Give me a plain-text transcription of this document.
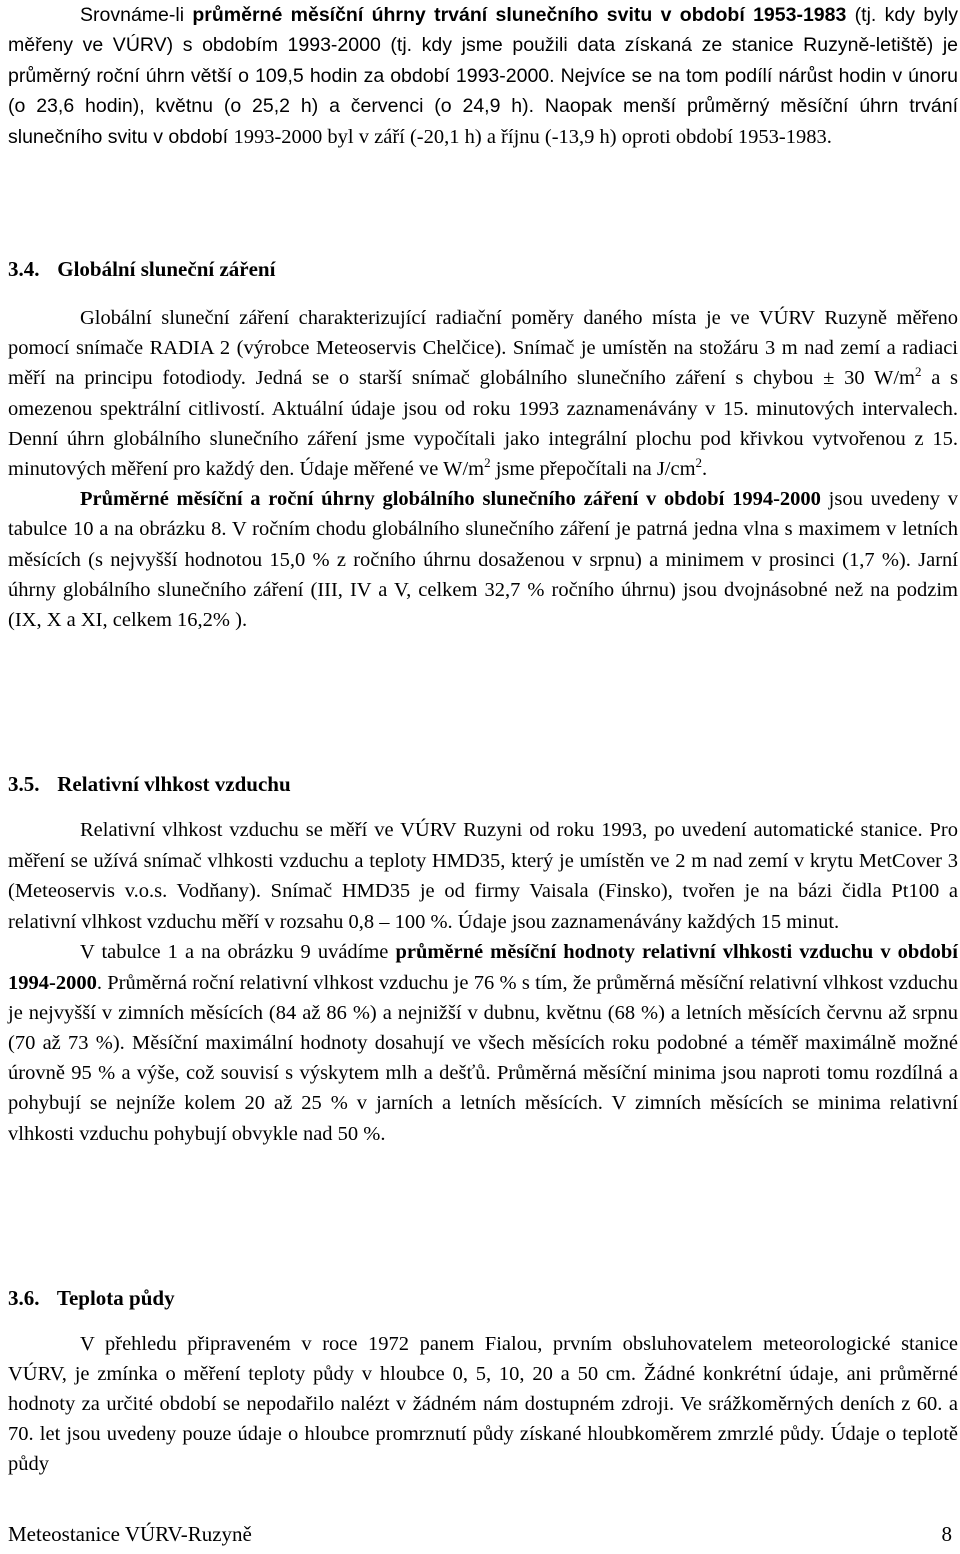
Srovnáme-li průměrné měsíční úhrny trvání slunečního svitu v období 1953-1983 (tj. kdy byly měřeny ve VÚRV) s obdobím 1993-2000 (tj. kdy jsme použili data získaná ze stanice Ruzyně-letiště) je průměrný roční úhrn větší o 109,5 hodin za období 1993-2000. Nejvíce se na tom podílí nárůst hodin v únoru (o 23,6 hodin), květnu (o 25,2 h) a červenci (o 24,9 h). Naopak menší průměrný měsíční úhrn trvání slunečního svitu v období 1993-2000 byl v září (-20,1 h) a říjnu (-13,9 h) oproti období 1953-1983.

3.4. Globální sluneční záření

Globální sluneční záření charakterizující radiační poměry daného místa je ve VÚRV Ruzyně měřeno pomocí snímače RADIA 2 (výrobce Meteoservis Chelčice). Snímač je umístěn na stožáru 3 m nad zemí a radiaci měří na principu fotodiody. Jedná se o starší snímač globálního slunečního záření s chybou ± 30 $W/m^2$ a s omezenou spektrální citlivostí. Aktuální údaje jsou od roku 1993 zaznamenávány v 15. minutových intervalech. Denní úhrn globálního slunečního záření jsme vypočítali jako integrální plochu pod křivkou vytvořenou z 15. minutových měření pro každý den. Údaje měřené ve $W/m^2$ jsme přepočítali na $J/cm^2$.

Průměrné měsíční a roční úhrny globálního slunečního záření v období 1994-2000 jsou uvedeny v tabulce 10 a na obrázku 8. V ročním chodu globálního slunečního záření je patrná jedna vlna s maximem v letních měsících (s nejvyšší hodnotou 15,0 % z ročního úhrnu dosaženou v srpnu) a minimem v prosinci (1,7 %). Jarní úhrny globálního slunečního záření (III, IV a V, celkem 32,7 % ročního úhrnu) jsou dvojnásobné než na podzim (IX, X a XI, celkem 16,2% ).

3.5. Relativní vlhkost vzduchu

Relativní vlhkost vzduchu se měří ve VÚRV Ruzyni od roku 1993, po uvedení automatické stanice. Pro měření se užívá snímač vlhkosti vzduchu a teploty HMD35, který je umístěn ve 2 m nad zemí v krytu MetCover 3 (Meteoservis v.o.s. Vodňany). Snímač HMD35 je od firmy Vaisala (Finsko), tvořen je na bázi čidla Pt100 a relativní vlhkost vzduchu měří v rozsahu 0,8 – 100 %. Údaje jsou zaznamenávány každých 15 minut.

V tabulce 1 a na obrázku 9 uvádíme průměrné měsíční hodnoty relativní vlhkosti vzduchu v období 1994-2000. Průměrná roční relativní vlhkost vzduchu je 76 % s tím, že průměrná měsíční relativní vlhkost vzduchu je nejvyšší v zimních měsících (84 až 86 %) a nejnižší v dubnu, květnu (68 %) a letních měsících červnu až srpnu (70 až 73 %). Měsíční maximální hodnoty dosahují ve všech měsících roku podobné a téměř maximálně možné úrovně 95 % a výše, což souvisí s výskytem mlh a dešťů. Průměrná měsíční minima jsou naproti tomu rozdílná a pohybují se nejníže kolem 20 až 25 % v jarních a letních měsících. V zimních měsících se minima relativní vlhkosti vzduchu pohybují obvykle nad 50 %.

3.6. Teplota půdy

V přehledu připraveném v roce 1972 panem Fialou, prvním obsluhovatelem meteorologické stanice VÚRV, je zmínka o měření teploty půdy v hloubce 0, 5, 10, 20 a 50 cm. Žádné konkrétní údaje, ani průměrné hodnoty za určité období se nepodařilo nalézt v žádném nám dostupném zdroji. Ve srážkoměrných deních z 60. a 70. let jsou uvedeny pouze údaje o hloubce promrznutí půdy získané hloubkoměrem zmrzlé půdy. Údaje o teplotě půdy

Meteostanice VÚRV-Ruzyně	8
